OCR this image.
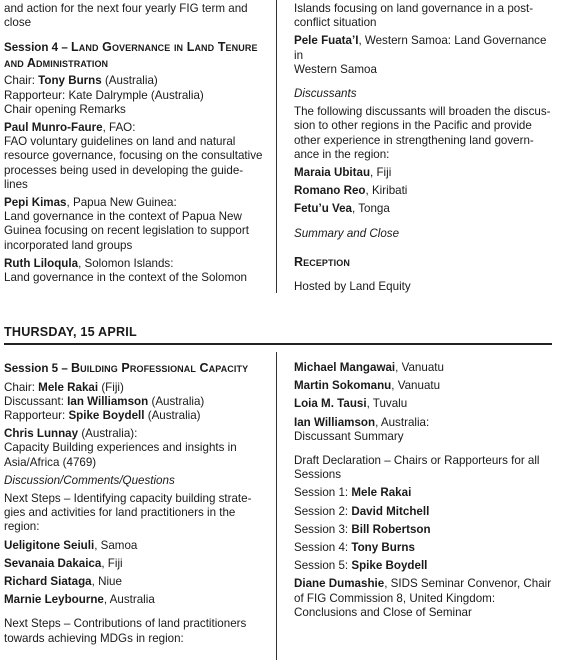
and action for the next four yearly FIG term and
close

Session 4 – Land Governance in Land Tenure
and Administration

Chair: Tony Burns (Australia)
Rapporteur: Kate Dalrymple (Australia)
Chair opening Remarks

Paul Munro-Faure, FAO:
FAO voluntary guidelines on land and natural
resource governance, focusing on the consultative
processes being used in developing the guide-
lines

Pepi Kimas, Papua New Guinea:
Land governance in the context of Papua New
Guinea focusing on recent legislation to support
incorporated land groups

Ruth Liloqula, Solomon Islands:
Land governance in the context of the Solomon

Islands focusing on land governance in a post-
conflict situation

Pele Fuata’I, Western Samoa: Land Governance in
Western Samoa

Discussants

The following discussants will broaden the discus-
sion to other regions in the Pacific and provide
other experience in strengthening land govern-
ance in the region:

Maraia Ubitau, Fiji

Romano Reo, Kiribati

Fetu’u Vea, Tonga

Summary and Close

Reception

Hosted by Land Equity

THURSDAY, 15 APRIL
Session 5 – Building Professional Capacity

Chair: Mele Rakai (Fiji)
Discussant: Ian Williamson (Australia)
Rapporteur: Spike Boydell (Australia)

Chris Lunnay (Australia):
Capacity Building experiences and insights in
Asia/Africa (4769)

Discussion/Comments/Questions

Next Steps – Identifying capacity building strate-
gies and activities for land practitioners in the
region:

Ueligitone Seiuli, Samoa

Sevanaia Dakaica, Fiji

Richard Siataga, Niue

Marnie Leybourne, Australia

Next Steps – Contributions of land practitioners
towards achieving MDGs in region:

Michael Mangawai, Vanuatu

Martin Sokomanu, Vanuatu

Loia M. Tausi, Tuvalu

Ian Williamson, Australia:
Discussant Summary

Draft Declaration – Chairs or Rapporteurs for all
Sessions

Session 1: Mele Rakai

Session 2: David Mitchell

Session 3: Bill Robertson

Session 4: Tony Burns

Session 5: Spike Boydell

Diane Dumashie, SIDS Seminar Convenor, Chair
of FIG Commission 8, United Kingdom:
Conclusions and Close of Seminar
